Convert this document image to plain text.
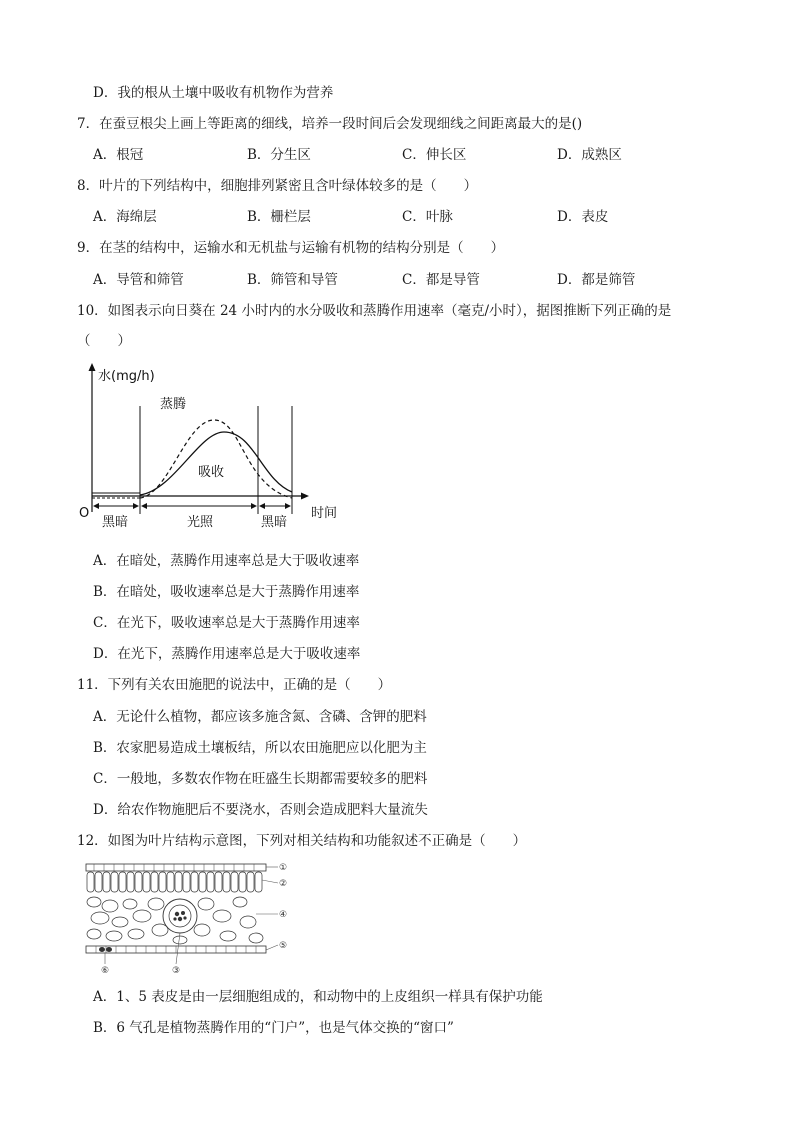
D．我的根从土壤中吸收有机物作为营养
7．在蚕豆根尖上画上等距离的细线，培养一段时间后会发现细线之间距离最大的是()
A．根冠	B．分生区	C．伸长区	D．成熟区
8．叶片的下列结构中，细胞排列紧密且含叶绿体较多的是（　　）
A．海绵层	B．栅栏层	C．叶脉	D．表皮
9．在茎的结构中，运输水和无机盐与运输有机物的结构分别是（　　）
A．导管和筛管	B．筛管和导管	C．都是导管	D．都是筛管
10．如图表示向日葵在 24 小时内的水分吸收和蒸腾作用速率（毫克/小时），据图推断下列正确的是
（　　）
水(mg/h)
O	时间
蒸腾
吸收
黑暗	光照	黑暗
A．在暗处，蒸腾作用速率总是大于吸收速率
B．在暗处，吸收速率总是大于蒸腾作用速率
C．在光下，吸收速率总是大于蒸腾作用速率
D．在光下，蒸腾作用速率总是大于吸收速率
11．下列有关农田施肥的说法中，正确的是（　　）
A．无论什么植物，都应该多施含氮、含磷、含钾的肥料
B．农家肥易造成土壤板结，所以农田施肥应以化肥为主
C．一般地，多数农作物在旺盛生长期都需要较多的肥料
D．给农作物施肥后不要浇水，否则会造成肥料大量流失
12．如图为叶片结构示意图，下列对相关结构和功能叙述不正确是（　　）
①
②
④
⑤
⑥	③
A．1、5 表皮是由一层细胞组成的，和动物中的上皮组织一样具有保护功能
B．6 气孔是植物蒸腾作用的“门户”，也是气体交换的“窗口”
